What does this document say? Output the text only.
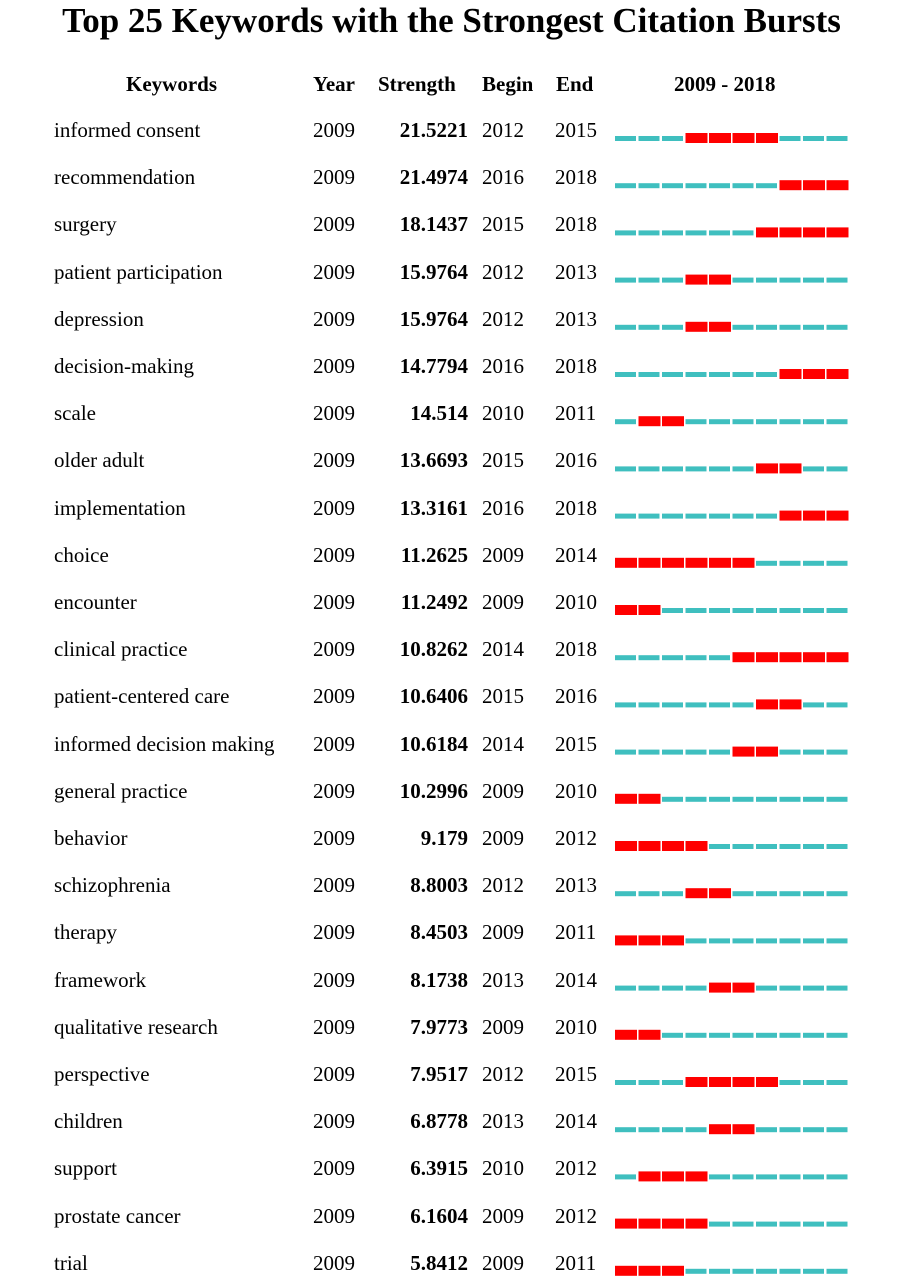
Top 25 Keywords with the Strongest Citation Bursts
Keywords	Year Strength Begin End	2009 - 2018
informed consent	2009	21.5221 2012 2015
recommendation	2009	21.4974 2016 2018
surgery	2009	18.1437 2015 2018
patient participation	2009	15.9764 2012 2013
depression	2009	15.9764 2012 2013
decision-making	2009	14.7794 2016 2018
scale	2009	14.514 2010 2011
older adult	2009	13.6693 2015 2016
implementation	2009	13.3161 2016 2018
choice	2009	11.2625 2009 2014
encounter	2009	11.2492 2009 2010
clinical practice	2009	10.8262 2014 2018
patient-centered care	2009	10.6406 2015 2016
informed decision making 2009	10.6184 2014 2015
general practice	2009	10.2996 2009 2010
behavior	2009	9.179 2009 2012
schizophrenia	2009	8.8003 2012 2013
therapy	2009	8.4503 2009 2011
framework	2009	8.1738 2013 2014
qualitative research	2009	7.9773 2009 2010
perspective	2009	7.9517 2012 2015
children	2009	6.8778 2013 2014
support	2009	6.3915 2010 2012
prostate cancer	2009	6.1604 2009 2012
trial	2009	5.8412 2009 2011
